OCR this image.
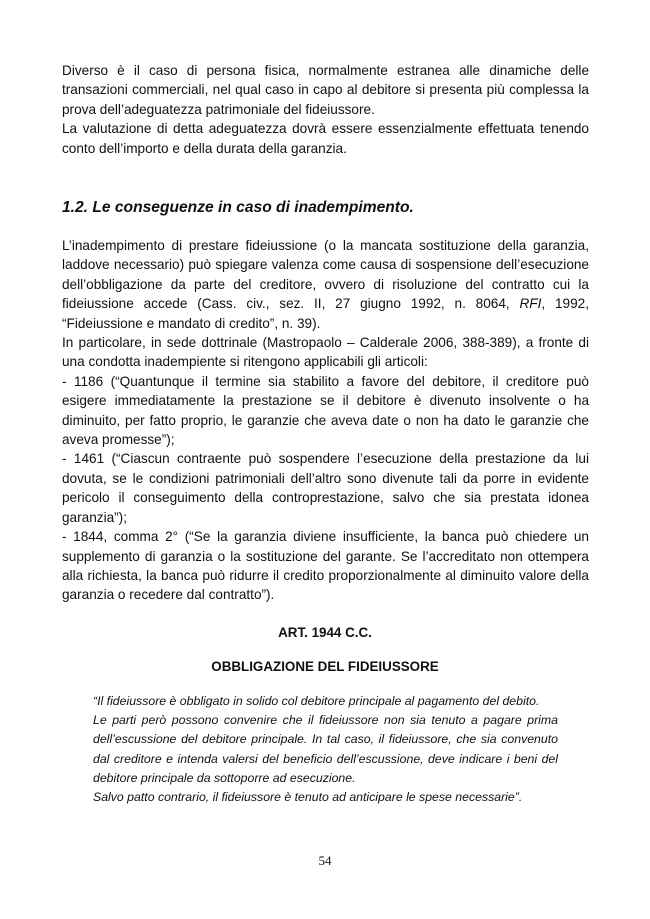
Diverso è il caso di persona fisica, normalmente estranea alle dinamiche delle transazioni commerciali, nel qual caso in capo al debitore si presenta più complessa la prova dell’adeguatezza patrimoniale del fideiussore.

La valutazione di detta adeguatezza dovrà essere essenzialmente effettuata tenendo conto dell’importo e della durata della garanzia.

1.2. Le conseguenze in caso di inadempimento.

L’inadempimento di prestare fideiussione (o la mancata sostituzione della garanzia, laddove necessario) può spiegare valenza come causa di sospensione dell’esecuzione dell’obbligazione da parte del creditore, ovvero di risoluzione del contratto cui la fideiussione accede (Cass. civ., sez. II, 27 giugno 1992, n. 8064, RFI, 1992, “Fideiussione e mandato di credito”, n. 39).

In particolare, in sede dottrinale (Mastropaolo – Calderale 2006, 388-389), a fronte di una condotta inadempiente si ritengono applicabili gli articoli:

- 1186 (“Quantunque il termine sia stabilito a favore del debitore, il creditore può esigere immediatamente la prestazione se il debitore è divenuto insolvente o ha diminuito, per fatto proprio, le garanzie che aveva date o non ha dato le garanzie che aveva promesse”);

- 1461 (“Ciascun contraente può sospendere l’esecuzione della prestazione da lui dovuta, se le condizioni patrimoniali dell’altro sono divenute tali da porre in evidente pericolo il conseguimento della controprestazione, salvo che sia prestata idonea garanzia”);

- 1844, comma 2° (“Se la garanzia diviene insufficiente, la banca può chiedere un supplemento di garanzia o la sostituzione del garante. Se l’accreditato non ottempera alla richiesta, la banca può ridurre il credito proporzionalmente al diminuito valore della garanzia o recedere dal contratto”).

ART. 1944 C.C.
OBBLIGAZIONE DEL FIDEIUSSORE

“Il fideiussore è obbligato in solido col debitore principale al pagamento del debito.

Le parti però possono convenire che il fideiussore non sia tenuto a pagare prima dell’escussione del debitore principale. In tal caso, il fideiussore, che sia convenuto dal creditore e intenda valersi del beneficio dell’escussione, deve indicare i beni del debitore principale da sottoporre ad esecuzione.

Salvo patto contrario, il fideiussore è tenuto ad anticipare le spese necessarie”.

54
